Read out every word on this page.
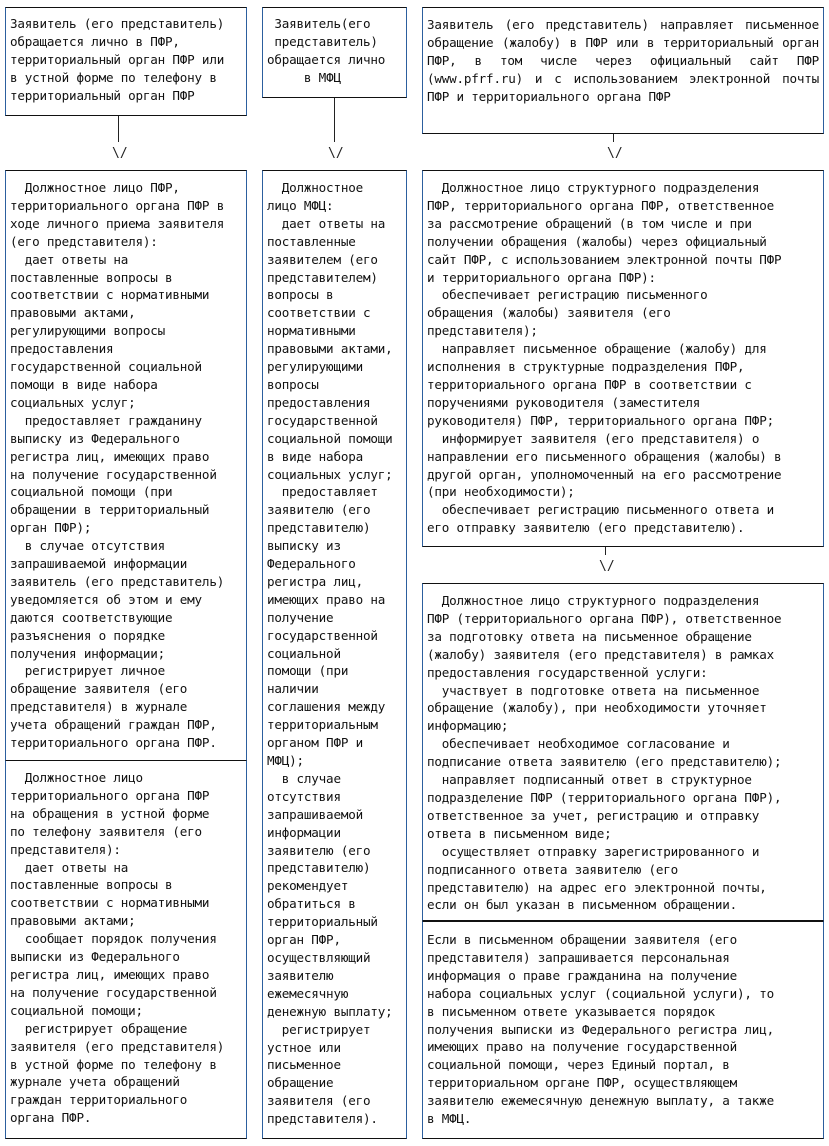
Заявитель (его представитель)
обращается лично в ПФР,
территориальный орган ПФР или
в устной форме по телефону в
территориальный орган ПФР
Заявитель(его
представитель)
обращается лично
в МФЦ
Заявитель (его представитель) направляет письменное обращение (жалобу) в ПФР или в территориальный орган ПФР, в том числе через официальный сайт ПФР (www.pfrf.ru) и с использованием электронной почты ПФР и территориального органа ПФР
\/	\/	\/
\/
Должностное лицо ПФР,
территориального органа ПФР в
ходе личного приема заявителя
(его представителя):
дает ответы на
поставленные вопросы в
соответствии с нормативными
правовыми актами,
регулирующими вопросы
предоставления
государственной социальной
помощи в виде набора
социальных услуг;
предоставляет гражданину
выписку из Федерального
регистра лиц, имеющих право
на получение государственной
социальной помощи (при
обращении в территориальный
орган ПФР);
в случае отсутствия
запрашиваемой информации
заявитель (его представитель)
уведомляется об этом и ему
даются соответствующие
разъяснения о порядке
получения информации;
регистрирует личное
обращение заявителя (его
представителя) в журнале
учета обращений граждан ПФР,
территориального органа ПФР.
Должностное лицо
территориального органа ПФР
на обращения в устной форме
по телефону заявителя (его
представителя):
дает ответы на
поставленные вопросы в
соответствии с нормативными
правовыми актами;
сообщает порядок получения
выписки из Федерального
регистра лиц, имеющих право
на получение государственной
социальной помощи;
регистрирует обращение
заявителя (его представителя)
в устной форме по телефону в
журнале учета обращений
граждан территориального
органа ПФР.
Должностное
лицо МФЦ:
дает ответы на
поставленные
заявителем (его
представителем)
вопросы в
соответствии с
нормативными
правовыми актами,
регулирующими
вопросы
предоставления
государственной
социальной помощи
в виде набора
социальных услуг;
предоставляет
заявителю (его
представителю)
выписку из
Федерального
регистра лиц,
имеющих право на
получение
государственной
социальной
помощи (при
наличии
соглашения между
территориальным
органом ПФР и
МФЦ);
в случае
отсутствия
запрашиваемой
информации
заявителю (его
представителю)
рекомендует
обратиться в
территориальный
орган ПФР,
осуществляющий
заявителю
ежемесячную
денежную выплату;
регистрирует
устное или
письменное
обращение
заявителя (его
представителя).
Должностное лицо структурного подразделения
ПФР, территориального органа ПФР, ответственное
за рассмотрение обращений (в том числе и при
получении обращения (жалобы) через официальный
сайт ПФР, с использованием электронной почты ПФР
и территориального органа ПФР):
обеспечивает регистрацию письменного
обращения (жалобы) заявителя (его
представителя);
направляет письменное обращение (жалобу) для
исполнения в структурные подразделения ПФР,
территориального органа ПФР в соответствии с
поручениями руководителя (заместителя
руководителя) ПФР, территориального органа ПФР;
информирует заявителя (его представителя) о
направлении его письменного обращения (жалобы) в
другой орган, уполномоченный на его рассмотрение
(при необходимости);
обеспечивает регистрацию письменного ответа и
его отправку заявителю (его представителю).
Должностное лицо структурного подразделения
ПФР (территориального органа ПФР), ответственное
за подготовку ответа на письменное обращение
(жалобу) заявителя (его представителя) в рамках
предоставления государственной услуги:
участвует в подготовке ответа на письменное
обращение (жалобу), при необходимости уточняет
информацию;
обеспечивает необходимое согласование и
подписание ответа заявителю (его представителю);
направляет подписанный ответ в структурное
подразделение ПФР (территориального органа ПФР),
ответственное за учет, регистрацию и отправку
ответа в письменном виде;
осуществляет отправку зарегистрированного и
подписанного ответа заявителю (его
представителю) на адрес его электронной почты,
если он был указан в письменном обращении.
Если в письменном обращении заявителя (его
представителя) запрашивается персональная
информация о праве гражданина на получение
набора социальных услуг (социальной услуги), то
в письменном ответе указывается порядок
получения выписки из Федерального регистра лиц,
имеющих право на получение государственной
социальной помощи, через Единый портал, в
территориальном органе ПФР, осуществляющем
заявителю ежемесячную денежную выплату, а также
в МФЦ.
